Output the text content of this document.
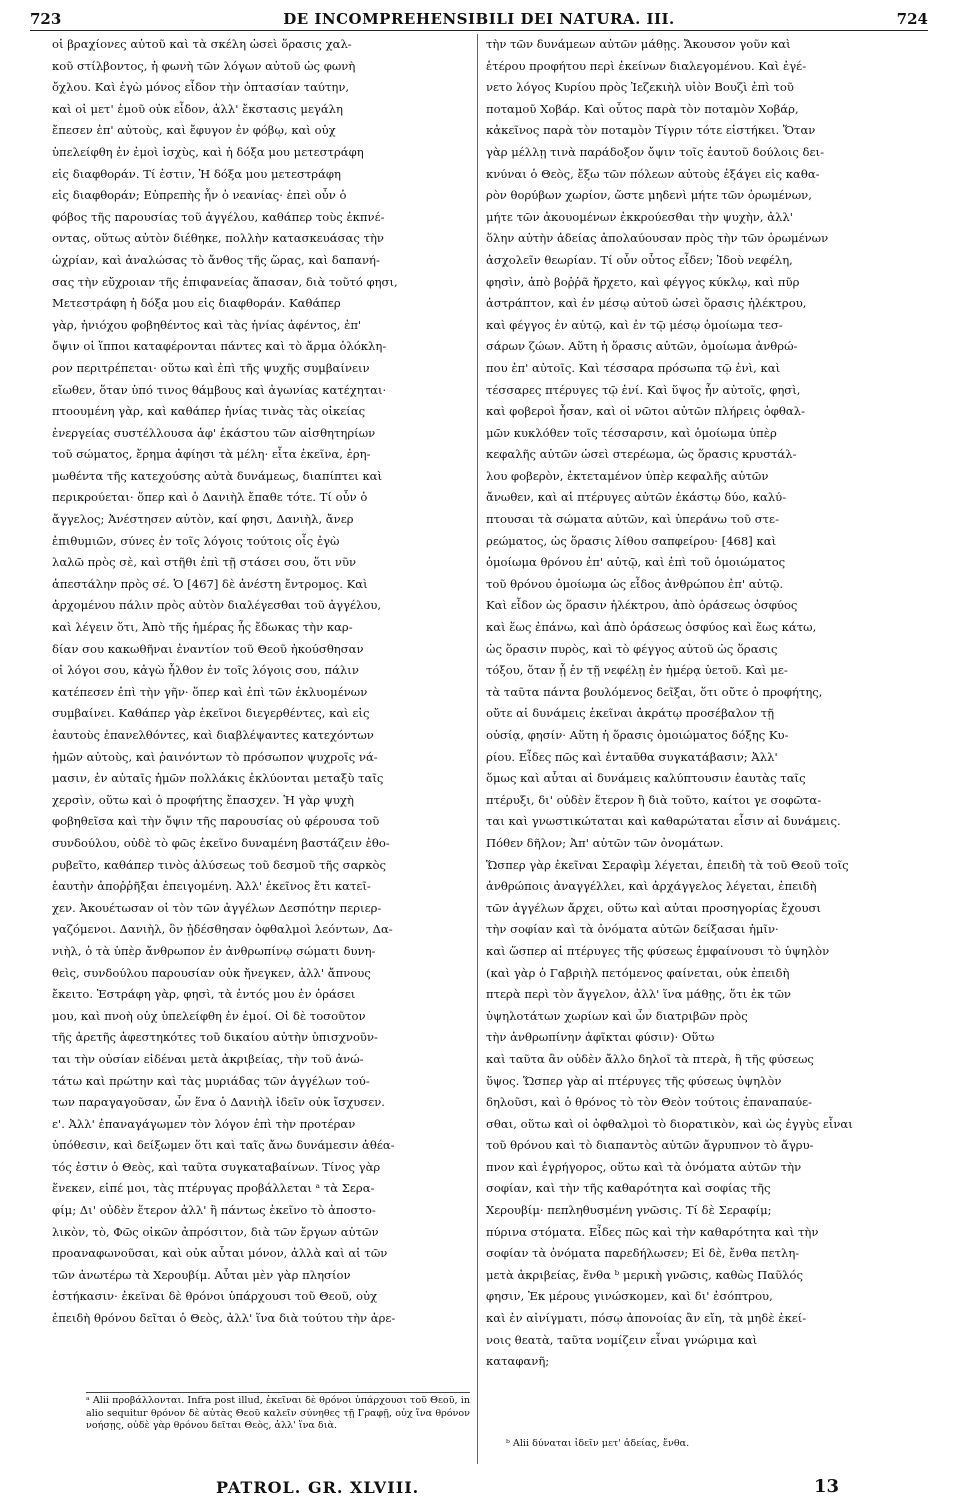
723	DE INCOMPREHENSIBILI DEI NATURA. III.	724
οἱ βραχίονες αὐτοῦ καὶ τὰ σκέλη ὡσεὶ ὅρασις χαλ-
κοῦ στίλβοντος, ἡ φωνὴ τῶν λόγων αὐτοῦ ὡς φωνὴ
ὄχλου. Καὶ ἐγὼ μόνος εἶδον τὴν ὀπτασίαν ταύτην,
καὶ οἱ μετ' ἐμοῦ οὐκ εἶδον, ἀλλ' ἔκστασις μεγάλη
ἔπεσεν ἐπ' αὐτοὺς, καὶ ἔφυγον ἐν φόβῳ, καὶ οὐχ
ὑπελείφθη ἐν ἐμοὶ ἰσχὺς, καὶ ἡ δόξα μου μετεστράφη
εἰς διαφθοράν. Τί ἐστιν, Ἡ δόξα μου μετεστράφη
εἰς διαφθοράν; Εὐπρεπὴς ἦν ὁ νεανίας· ἐπεὶ οὖν ὁ
φόβος τῆς παρουσίας τοῦ ἀγγέλου, καθάπερ τοὺς ἐκπνέ-
οντας, οὕτως αὐτὸν διέθηκε, πολλὴν κατασκευάσας τὴν
ὠχρίαν, καὶ ἀναλώσας τὸ ἄνθος τῆς ὥρας, καὶ δαπανή-
σας τὴν εὔχροιαν τῆς ἐπιφανείας ἅπασαν, διὰ τοῦτό φησι,
Μετεστράφη ἡ δόξα μου εἰς διαφθοράν. Καθάπερ
γὰρ, ἡνιόχου φοβηθέντος καὶ τὰς ἡνίας ἀφέντος, ἐπ'
ὄψιν οἱ ἵπποι καταφέρονται πάντες καὶ τὸ ἅρμα ὁλόκλη-
ρον περιτρέπεται· οὕτω καὶ ἐπὶ τῆς ψυχῆς συμβαίνειν
εἴωθεν, ὅταν ὑπό τινος θάμβους καὶ ἀγωνίας κατέχηται·
πτοουμένη γὰρ, καὶ καθάπερ ἡνίας τινὰς τὰς οἰκείας
ἐνεργείας συστέλλουσα ἀφ' ἑκάστου τῶν αἰσθητηρίων
τοῦ σώματος, ἔρημα ἀφίησι τὰ μέλη· εἶτα ἐκεῖνα, ἐρη-
μωθέντα τῆς κατεχούσης αὐτὰ δυνάμεως, διαπίπτει καὶ
περικρούεται· ὅπερ καὶ ὁ Δανιὴλ ἔπαθε τότε. Τί οὖν ὁ
ἄγγελος; Ἀνέστησεν αὐτὸν, καί φησι, Δανιὴλ, ἄνερ
ἐπιθυμιῶν, σύνες ἐν τοῖς λόγοις τούτοις οἷς ἐγὼ
λαλῶ πρὸς σὲ, καὶ στῆθι ἐπὶ τῇ στάσει σου, ὅτι νῦν
ἀπεστάλην πρὸς σέ. Ὁ [467] δὲ ἀνέστη ἔντρομος. Καὶ
ἀρχομένου πάλιν πρὸς αὐτὸν διαλέγεσθαι τοῦ ἀγγέλου,
καὶ λέγειν ὅτι, Ἀπὸ τῆς ἡμέρας ἧς ἔδωκας τὴν καρ-
δίαν σου κακωθῆναι ἐναντίον τοῦ Θεοῦ ἠκούσθησαν
οἱ λόγοι σου, κἀγὼ ἦλθον ἐν τοῖς λόγοις σου, πάλιν
κατέπεσεν ἐπὶ τὴν γῆν· ὅπερ καὶ ἐπὶ τῶν ἐκλυομένων
συμβαίνει. Καθάπερ γὰρ ἐκεῖνοι διεγερθέντες, καὶ εἰς
ἑαυτοὺς ἐπανελθόντες, καὶ διαβλέψαντες κατεχόντων
ἡμῶν αὐτοὺς, καὶ ῥαινόντων τὸ πρόσωπον ψυχροῖς νά-
μασιν, ἐν αὐταῖς ἡμῶν πολλάκις ἐκλύονται μεταξὺ ταῖς
χερσὶν, οὕτω καὶ ὁ προφήτης ἔπασχεν. Ἡ γὰρ ψυχὴ
φοβηθεῖσα καὶ τὴν ὄψιν τῆς παρουσίας οὐ φέρουσα τοῦ
συνδούλου, οὐδὲ τὸ φῶς ἐκεῖνο δυναμένη βαστάζειν ἐθο-
ρυβεῖτο, καθάπερ τινὸς ἁλύσεως τοῦ δεσμοῦ τῆς σαρκὸς
ἑαυτὴν ἀποῤῥῆξαι ἐπειγομένη. Ἀλλ' ἐκεῖνος ἔτι κατεῖ-
χεν. Ἀκουέτωσαν οἱ τὸν τῶν ἀγγέλων Δεσπότην περιερ-
γαζόμενοι. Δανιὴλ, ὃν ᾐδέσθησαν ὀφθαλμοὶ λεόντων, Δα-
νιὴλ, ὁ τὰ ὑπὲρ ἄνθρωπον ἐν ἀνθρωπίνῳ σώματι δυνη-
θεὶς, συνδούλου παρουσίαν οὐκ ἤνεγκεν, ἀλλ' ἄπνους
ἔκειτο. Ἐστράφη γὰρ, φησὶ, τὰ ἐντός μου ἐν ὁράσει
μου, καὶ πνοὴ οὐχ ὑπελείφθη ἐν ἐμοί. Οἱ δὲ τοσοῦτον
τῆς ἀρετῆς ἀφεστηκότες τοῦ δικαίου αὐτὴν ὑπισχνοῦν-
ται τὴν οὐσίαν εἰδέναι μετὰ ἀκριβείας, τὴν τοῦ ἀνώ-
τάτω καὶ πρώτην καὶ τὰς μυριάδας τῶν ἀγγέλων τού-
των παραγαγοῦσαν, ὧν ἕνα ὁ Δανιὴλ ἰδεῖν οὐκ ἴσχυσεν.
ε'. Ἀλλ' ἐπαναγάγωμεν τὸν λόγον ἐπὶ τὴν προτέραν
ὑπόθεσιν, καὶ δείξωμεν ὅτι καὶ ταῖς ἄνω δυνάμεσιν ἀθέα-
τός ἐστιν ὁ Θεὸς, καὶ ταῦτα συγκαταβαίνων. Τίνος γὰρ
ἕνεκεν, εἰπέ μοι, τὰς πτέρυγας προβάλλεται ᵃ τὰ Σερα-
φίμ; Δι' οὐδὲν ἕτερον ἀλλ' ἢ πάντως ἐκεῖνο τὸ ἀποστο-
λικὸν, τὸ, Φῶς οἰκῶν ἀπρόσιτον, διὰ τῶν ἔργων αὐτῶν
προαναφωνοῦσαι, καὶ οὐκ αὗται μόνον, ἀλλὰ καὶ αἱ τῶν
τῶν ἀνωτέρω τὰ Χερουβίμ. Αὗται μὲν γὰρ πλησίον
ἑστήκασιν· ἐκεῖναι δὲ θρόνοι ὑπάρχουσι τοῦ Θεοῦ, οὐχ
ἐπειδὴ θρόνου δεῖται ὁ Θεὸς, ἀλλ' ἵνα διὰ τούτου τὴν ἀρε-
τὴν τῶν δυνάμεων αὐτῶν μάθῃς. Ἄκουσον γοῦν καὶ
ἑτέρου προφήτου περὶ ἐκείνων διαλεγομένου. Καὶ ἐγέ-
νετο λόγος Κυρίου πρὸς Ἰεζεκιὴλ υἱὸν Βουζὶ ἐπὶ τοῦ
ποταμοῦ Χοβάρ. Καὶ οὗτος παρὰ τὸν ποταμὸν Χοβάρ,
κἀκεῖνος παρὰ τὸν ποταμὸν Τίγριν τότε εἱστήκει. Ὅταν
γὰρ μέλλῃ τινὰ παράδοξον ὄψιν τοῖς ἑαυτοῦ δούλοις δει-
κνύναι ὁ Θεὸς, ἔξω τῶν πόλεων αὐτοὺς ἐξάγει εἰς καθα-
ρὸν θορύβων χωρίον, ὥστε μηδενὶ μήτε τῶν ὁρωμένων,
μήτε τῶν ἀκουομένων ἐκκρούεσθαι τὴν ψυχὴν, ἀλλ'
ὅλην αὐτὴν ἀδείας ἀπολαύουσαν πρὸς τὴν τῶν ὁρωμένων
ἀσχολεῖν θεωρίαν. Τί οὖν οὗτος εἶδεν; Ἰδοὺ νεφέλη,
φησὶν, ἀπὸ βοῤῥᾶ ἤρχετο, καὶ φέγγος κύκλῳ, καὶ πῦρ
ἀστράπτον, καὶ ἐν μέσῳ αὐτοῦ ὡσεὶ ὅρασις ἠλέκτρου,
καὶ φέγγος ἐν αὐτῷ, καὶ ἐν τῷ μέσῳ ὁμοίωμα τεσ-
σάρων ζώων. Αὕτη ἡ ὅρασις αὐτῶν, ὁμοίωμα ἀνθρώ-
που ἐπ' αὐτοῖς. Καὶ τέσσαρα πρόσωπα τῷ ἑνὶ, καὶ
τέσσαρες πτέρυγες τῷ ἑνί. Καὶ ὕψος ἦν αὐτοῖς, φησὶ,
καὶ φοβεροὶ ἦσαν, καὶ οἱ νῶτοι αὐτῶν πλήρεις ὀφθαλ-
μῶν κυκλόθεν τοῖς τέσσαρσιν, καὶ ὁμοίωμα ὑπὲρ
κεφαλῆς αὐτῶν ὡσεὶ στερέωμα, ὡς ὅρασις κρυστάλ-
λου φοβερὸν, ἐκτεταμένον ὑπὲρ κεφαλῆς αὐτῶν
ἄνωθεν, καὶ αἱ πτέρυγες αὐτῶν ἑκάστῳ δύο, καλύ-
πτουσαι τὰ σώματα αὐτῶν, καὶ ὑπεράνω τοῦ στε-
ρεώματος, ὡς ὅρασις λίθου σαπφείρου· [468] καὶ
ὁμοίωμα θρόνου ἐπ' αὐτῷ, καὶ ἐπὶ τοῦ ὁμοιώματος
τοῦ θρόνου ὁμοίωμα ὡς εἶδος ἀνθρώπου ἐπ' αὐτῷ.
Καὶ εἶδον ὡς ὅρασιν ἠλέκτρου, ἀπὸ ὁράσεως ὀσφύος
καὶ ἕως ἐπάνω, καὶ ἀπὸ ὁράσεως ὀσφύος καὶ ἕως κάτω,
ὡς ὅρασιν πυρὸς, καὶ τὸ φέγγος αὐτοῦ ὡς ὅρασις
τόξου, ὅταν ᾖ ἐν τῇ νεφέλῃ ἐν ἡμέρᾳ ὑετοῦ. Καὶ με-
τὰ ταῦτα πάντα βουλόμενος δεῖξαι, ὅτι οὔτε ὁ προφήτης,
οὔτε αἱ δυνάμεις ἐκεῖναι ἀκράτῳ προσέβαλον τῇ
οὐσίᾳ, φησίν· Αὕτη ἡ ὅρασις ὁμοιώματος δόξης Κυ-
ρίου. Εἶδες πῶς καὶ ἐνταῦθα συγκατάβασιν; Ἀλλ'
ὅμως καὶ αὗται αἱ δυνάμεις καλύπτουσιν ἑαυτὰς ταῖς
πτέρυξι, δι' οὐδὲν ἕτερον ἢ διὰ τοῦτο, καίτοι γε σοφῶτα-
ται καὶ γνωστικώταται καὶ καθαρώταται εἶσιν αἱ δυνάμεις.
Πόθεν δῆλον; Ἀπ' αὐτῶν τῶν ὀνομάτων.
Ὥσπερ γὰρ ἐκεῖναι Σεραφὶμ λέγεται, ἐπειδὴ τὰ τοῦ Θεοῦ τοῖς
ἀνθρώποις ἀναγγέλλει, καὶ ἀρχάγγελος λέγεται, ἐπειδὴ
τῶν ἀγγέλων ἄρχει, οὕτω καὶ αὐται προσηγορίας ἔχουσι
τὴν σοφίαν καὶ τὰ ὀνόματα αὐτῶν δείξασαι ἡμῖν·
καὶ ὥσπερ αἱ πτέρυγες τῆς φύσεως ἐμφαίνουσι τὸ ὑψηλὸν
(καὶ γὰρ ὁ Γαβριὴλ πετόμενος φαίνεται, οὐκ ἐπειδὴ
πτερὰ περὶ τὸν ἄγγελον, ἀλλ' ἵνα μάθῃς, ὅτι ἐκ τῶν
ὑψηλοτάτων χωρίων καὶ ὧν διατριβῶν πρὸς
τὴν ἀνθρωπίνην ἀφῖκται φύσιν)· Οὕτω
καὶ ταῦτα ἂν οὐδὲν ἄλλο δηλοῖ τὰ πτερὰ, ἢ τῆς φύσεως
ὕψος. Ὥσπερ γὰρ αἱ πτέρυγες τῆς φύσεως ὑψηλὸν
δηλοῦσι, καὶ ὁ θρόνος τὸ τὸν Θεὸν τούτοις ἐπαναπαύε-
σθαι, οὕτω καὶ οἱ ὀφθαλμοὶ τὸ διορατικὸν, καὶ ὡς ἐγγὺς εἶναι
τοῦ θρόνου καὶ τὸ διαπαντὸς αὐτῶν ἄγρυπνον τὸ ἄγρυ-
πνον καὶ ἐγρήγορος, οὕτω καὶ τὰ ὀνόματα αὐτῶν τὴν
σοφίαν, καὶ τὴν τῆς καθαρότητα καὶ σοφίας τῆς
Χερουβίμ· πεπληθυσμένη γνῶσις. Τί δὲ Σεραφίμ;
πύρινα στόματα. Εἶδες πῶς καὶ τὴν καθαρότητα καὶ τὴν
σοφίαν τὰ ὀνόματα παρεδήλωσεν; Εἰ δὲ, ἔνθα πετλη-
μετὰ ἀκριβείας, ἔνθα ᵇ μερικὴ γνῶσις, καθὼς Παῦλός
φησιν, Ἐκ μέρους γινώσκομεν, καὶ δι' ἐσόπτρου,
καὶ ἐν αἰνίγματι, πόσῳ ἀπονοίας ἂν εἴη, τὰ μηδὲ ἐκεί-
νοις θεατὰ, ταῦτα νομίζειν εἶναι γνώριμα καὶ
καταφανῆ;
ᵃ Alii προβάλλονται. Infra post illud, ἐκεῖναι δὲ θρόνοι ὑπάρχουσι τοῦ Θεοῦ, in alio sequitur θρόνον δὲ αὐτὰς Θεοῦ καλεῖν σύνηθες τῇ Γραφῇ, οὐχ ἵνα θρόνον νοήσῃς, οὐδὲ γὰρ θρόνου δεῖται Θεὸς, ἀλλ' ἵνα διὰ.
ᵇ Alii δύναται ἰδεῖν μετ' ἀδείας, ἔνθα.
PATROL. GR. XLVIII.	13
